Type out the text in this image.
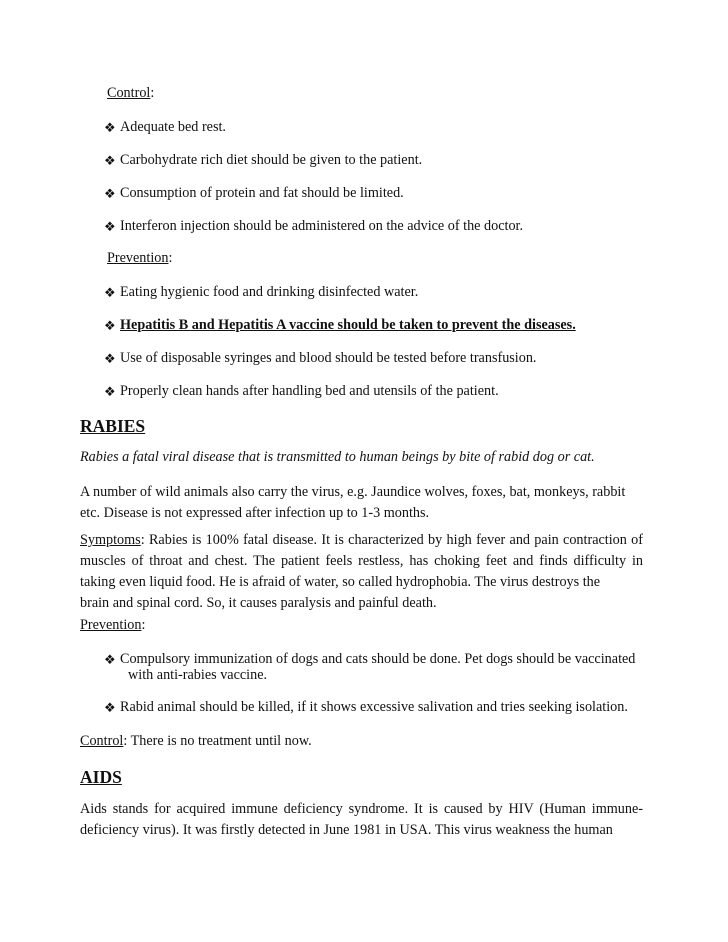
Control:
❖ Adequate bed rest.
❖ Carbohydrate rich diet should be given to the patient.
❖ Consumption of protein and fat should be limited.
❖ Interferon injection should be administered on the advice of the doctor.
Prevention:
❖ Eating hygienic food and drinking disinfected water.
❖ Hepatitis B and Hepatitis A vaccine should be taken to prevent the diseases.
❖ Use of disposable syringes and blood should be tested before transfusion.
❖ Properly clean hands after handling bed and utensils of the patient.
RABIES
Rabies a fatal viral disease that is transmitted to human beings by bite of rabid dog or cat.
A number of wild animals also carry the virus, e.g. Jaundice wolves, foxes, bat, monkeys, rabbit
etc. Disease is not expressed after infection up to 1-3 months.
Symptoms: Rabies is 100% fatal disease. It is characterized by high fever and pain contraction of muscles of throat and chest. The patient feels restless, has choking feet and finds difficulty in taking even liquid food. He is afraid of water, so called hydrophobia. The virus destroys the
brain and spinal cord. So, it causes paralysis and painful death.
Prevention:
❖ Compulsory immunization of dogs and cats should be done. Pet dogs should be vaccinated
with anti-rabies vaccine.
❖ Rabid animal should be killed, if it shows excessive salivation and tries seeking isolation.
Control: There is no treatment until now.
AIDS
Aids stands for acquired immune deficiency syndrome. It is caused by HIV (Human immune- deficiency virus). It was firstly detected in June 1981 in USA. This virus weakness the human
